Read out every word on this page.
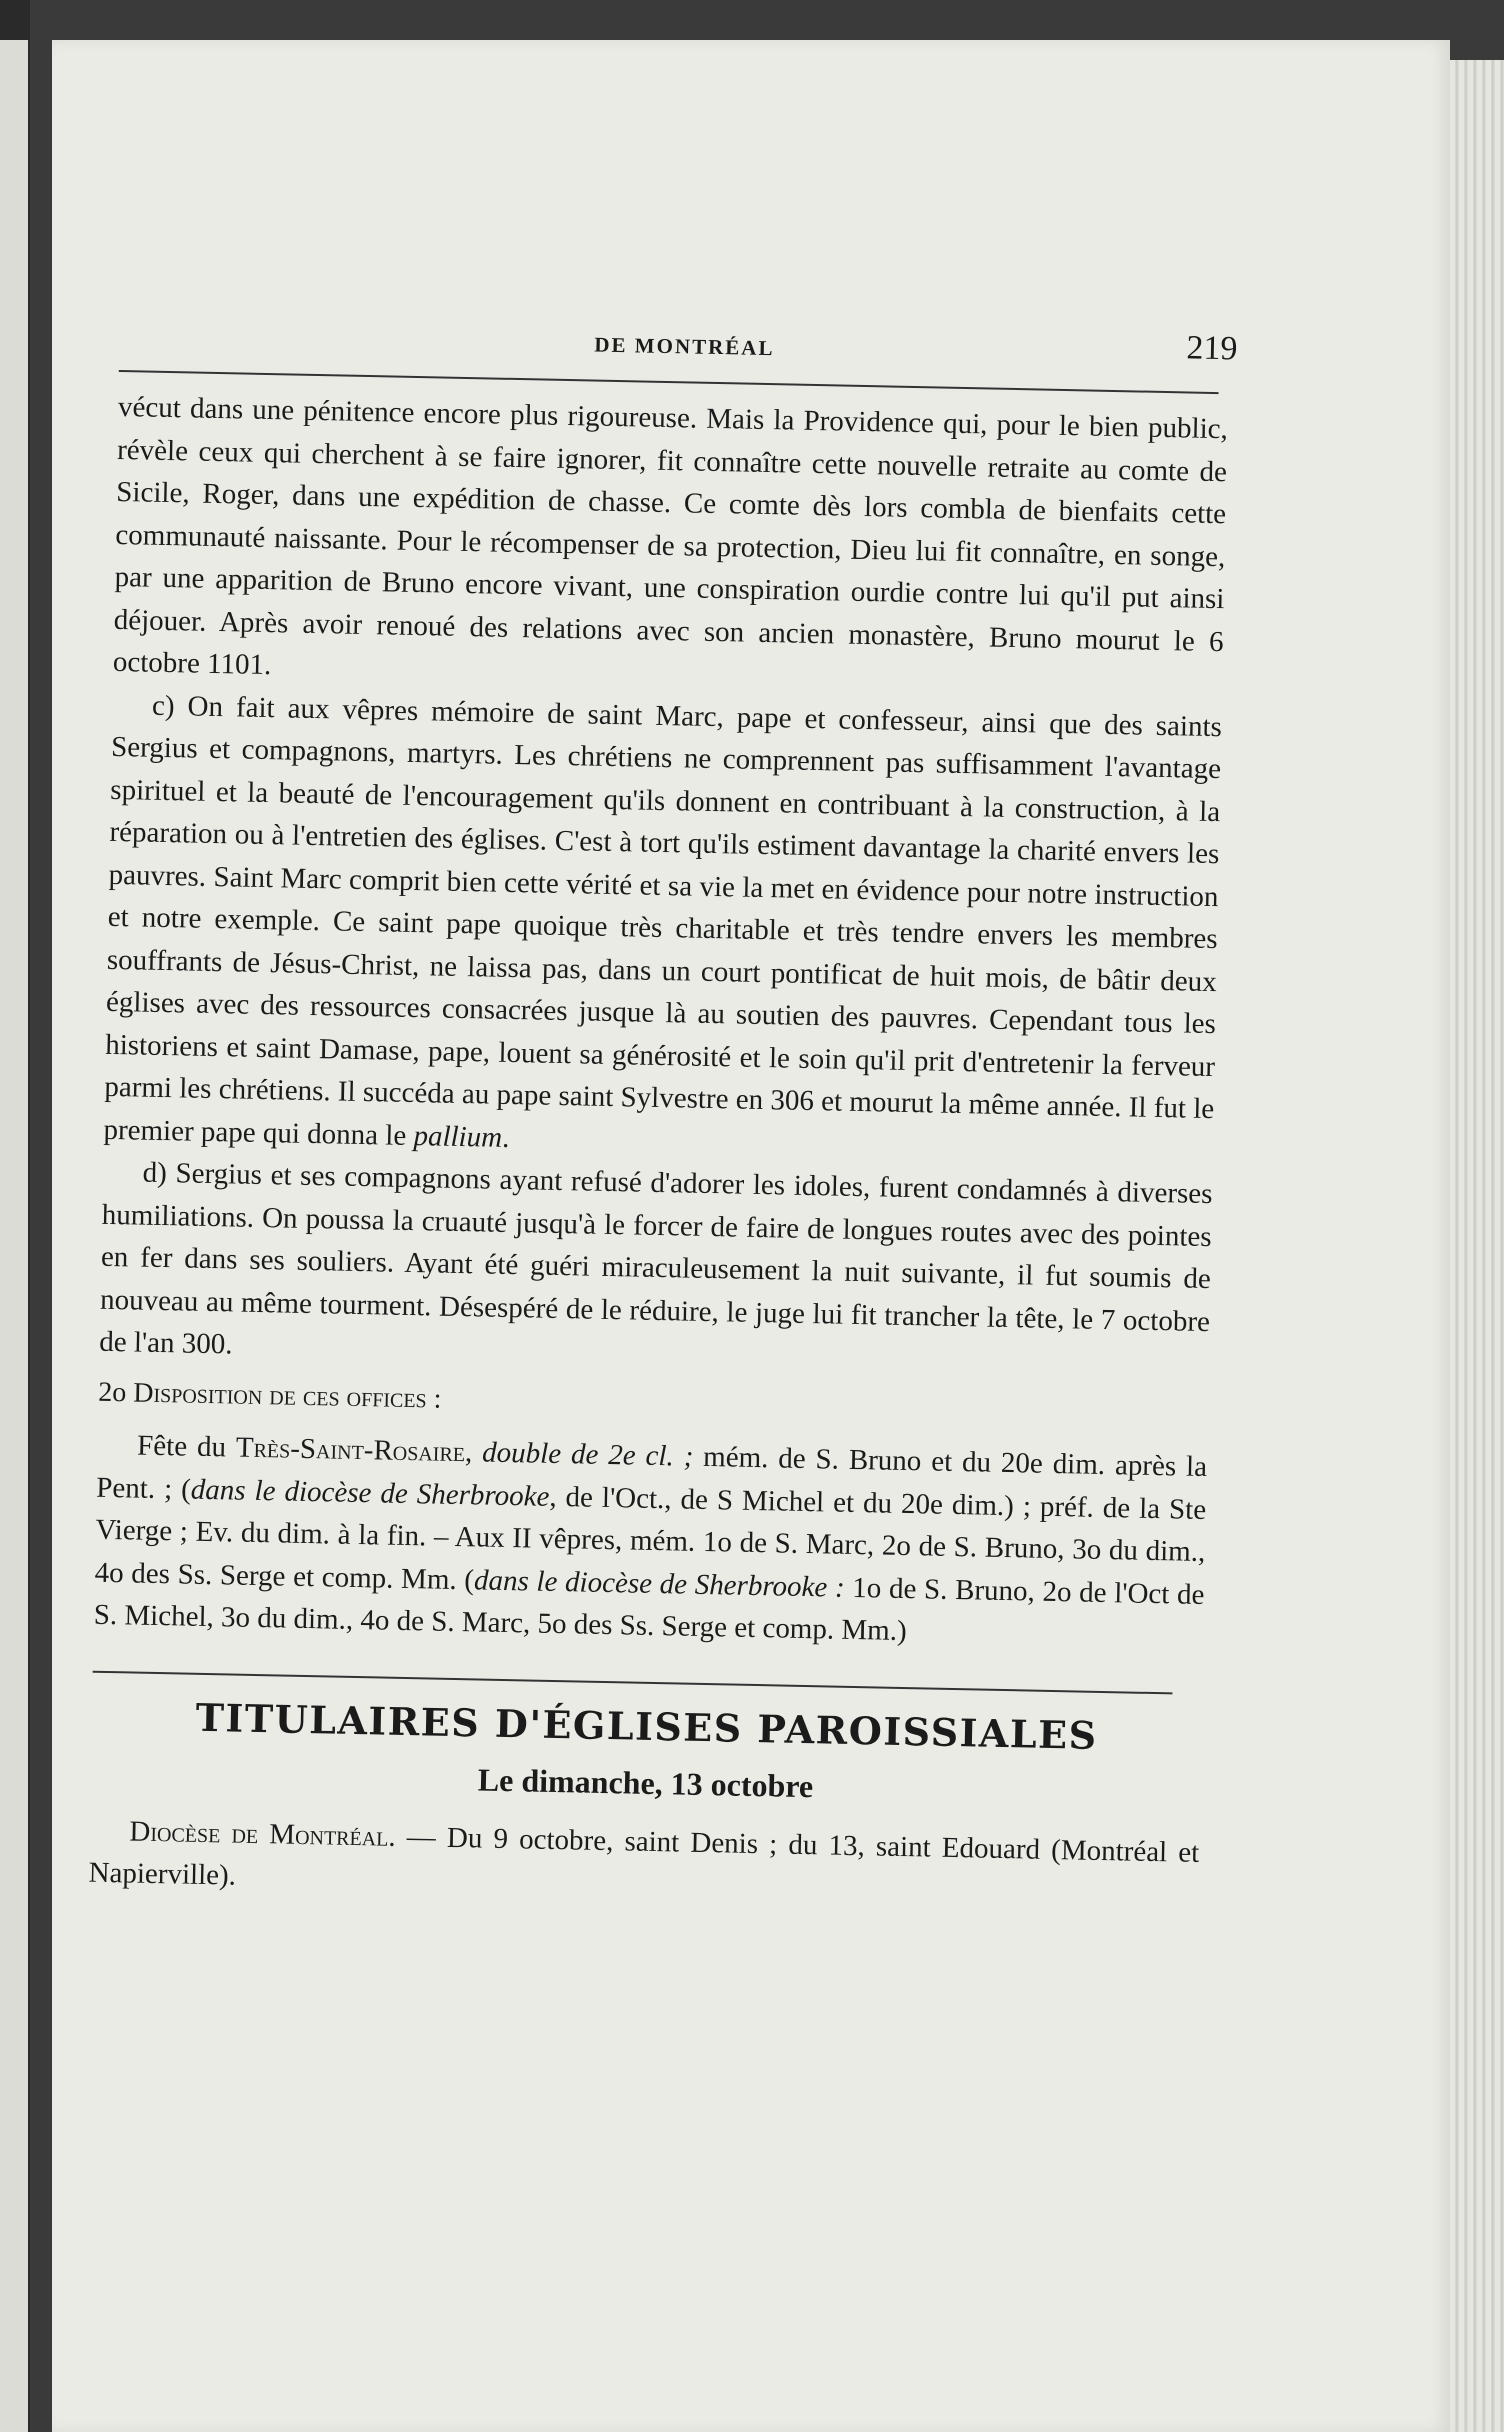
DE MONTRÉAL	219

vécut dans une pénitence encore plus rigoureuse. Mais la Providence qui, pour le bien public, révèle ceux qui cherchent à se faire ignorer, fit connaître cette nouvelle retraite au comte de Sicile, Roger, dans une expédition de chasse. Ce comte dès lors combla de bienfaits cette communauté naissante. Pour le récompenser de sa protection, Dieu lui fit connaître, en songe, par une apparition de Bruno encore vivant, une conspiration ourdie contre lui qu'il put ainsi déjouer. Après avoir renoué des relations avec son ancien monastère, Bruno mourut le 6 octobre 1101.

c) On fait aux vêpres mémoire de saint Marc, pape et confesseur, ainsi que des saints Sergius et compagnons, martyrs. Les chrétiens ne comprennent pas suffisamment l'avantage spirituel et la beauté de l'encouragement qu'ils donnent en contribuant à la construction, à la réparation ou à l'entretien des églises. C'est à tort qu'ils estiment davantage la charité envers les pauvres. Saint Marc comprit bien cette vérité et sa vie la met en évidence pour notre instruction et notre exemple. Ce saint pape quoique très charitable et très tendre envers les membres souffrants de Jésus-Christ, ne laissa pas, dans un court pontificat de huit mois, de bâtir deux églises avec des ressources consacrées jusque là au soutien des pauvres. Cependant tous les historiens et saint Damase, pape, louent sa générosité et le soin qu'il prit d'entretenir la ferveur parmi les chrétiens. Il succéda au pape saint Sylvestre en 306 et mourut la même année. Il fut le premier pape qui donna le pallium.

d) Sergius et ses compagnons ayant refusé d'adorer les idoles, furent condamnés à diverses humiliations. On poussa la cruauté jusqu'à le forcer de faire de longues routes avec des pointes en fer dans ses souliers. Ayant été guéri miraculeusement la nuit suivante, il fut soumis de nouveau au même tourment. Désespéré de le réduire, le juge lui fit trancher la tête, le 7 octobre de l'an 300.

2o Disposition de ces offices :

Fête du Très-Saint-Rosaire, double de 2e cl. ; mém. de S. Bruno et du 20e dim. après la Pent. ; (dans le diocèse de Sherbrooke, de l'Oct., de S Michel et du 20e dim.) ; préf. de la Ste Vierge ; Ev. du dim. à la fin. – Aux II vêpres, mém. 1o de S. Marc, 2o de S. Bruno, 3o du dim., 4o des Ss. Serge et comp. Mm. (dans le diocèse de Sherbrooke : 1o de S. Bruno, 2o de l'Oct de S. Michel, 3o du dim., 4o de S. Marc, 5o des Ss. Serge et comp. Mm.)

TITULAIRES D'ÉGLISES PAROISSIALES
Le dimanche, 13 octobre

Diocèse de Montréal. — Du 9 octobre, saint Denis ; du 13, saint Edouard (Montréal et Napierville).
